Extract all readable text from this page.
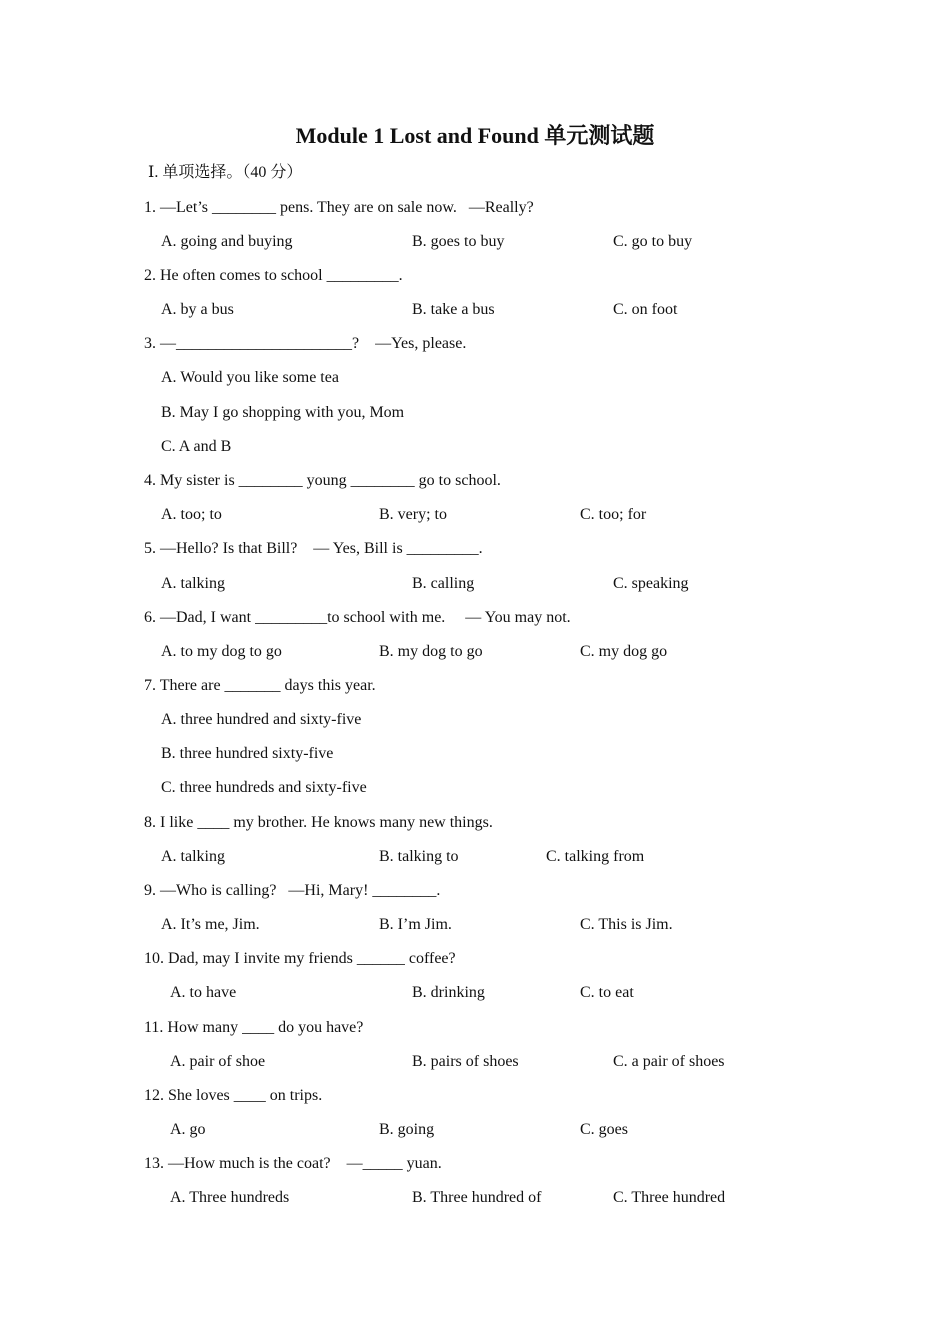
Module 1 Lost and Found 单元测试题
Ⅰ. 单项选择。（40 分）
1. —Let’s ________ pens. They are on sale now.   —Really?
A. going and buying	B. goes to buy	C. go to buy
2. He often comes to school _________.
A. by a bus	B. take a bus	C. on foot
3. —______________________?    —Yes, please.
A. Would you like some tea
B. May I go shopping with you, Mom
C. A and B
4. My sister is ________ young ________ go to school.
A. too; to	B. very; to	C. too; for
5. —Hello? Is that Bill?    — Yes, Bill is _________.
A. talking	B. calling	C. speaking
6. —Dad, I want _________to school with me.     — You may not.
A. to my dog to go	B. my dog to go	C. my dog go
7. There are _______ days this year.
A. three hundred and sixty-five
B. three hundred sixty-five
C. three hundreds and sixty-five
8. I like ____ my brother. He knows many new things.
A. talking	B. talking to	C. talking from
9. —Who is calling?   —Hi, Mary! ________.
A. It’s me, Jim.	B. I’m Jim.	C. This is Jim.
10. Dad, may I invite my friends ______ coffee?
A. to have	B. drinking	C. to eat
11. How many ____ do you have?
A. pair of shoe	B. pairs of shoes	C. a pair of shoes
12. She loves ____ on trips.
A. go	B. going	C. goes
13. —How much is the coat?    —_____ yuan.
A. Three hundreds	B. Three hundred of	C. Three hundred
